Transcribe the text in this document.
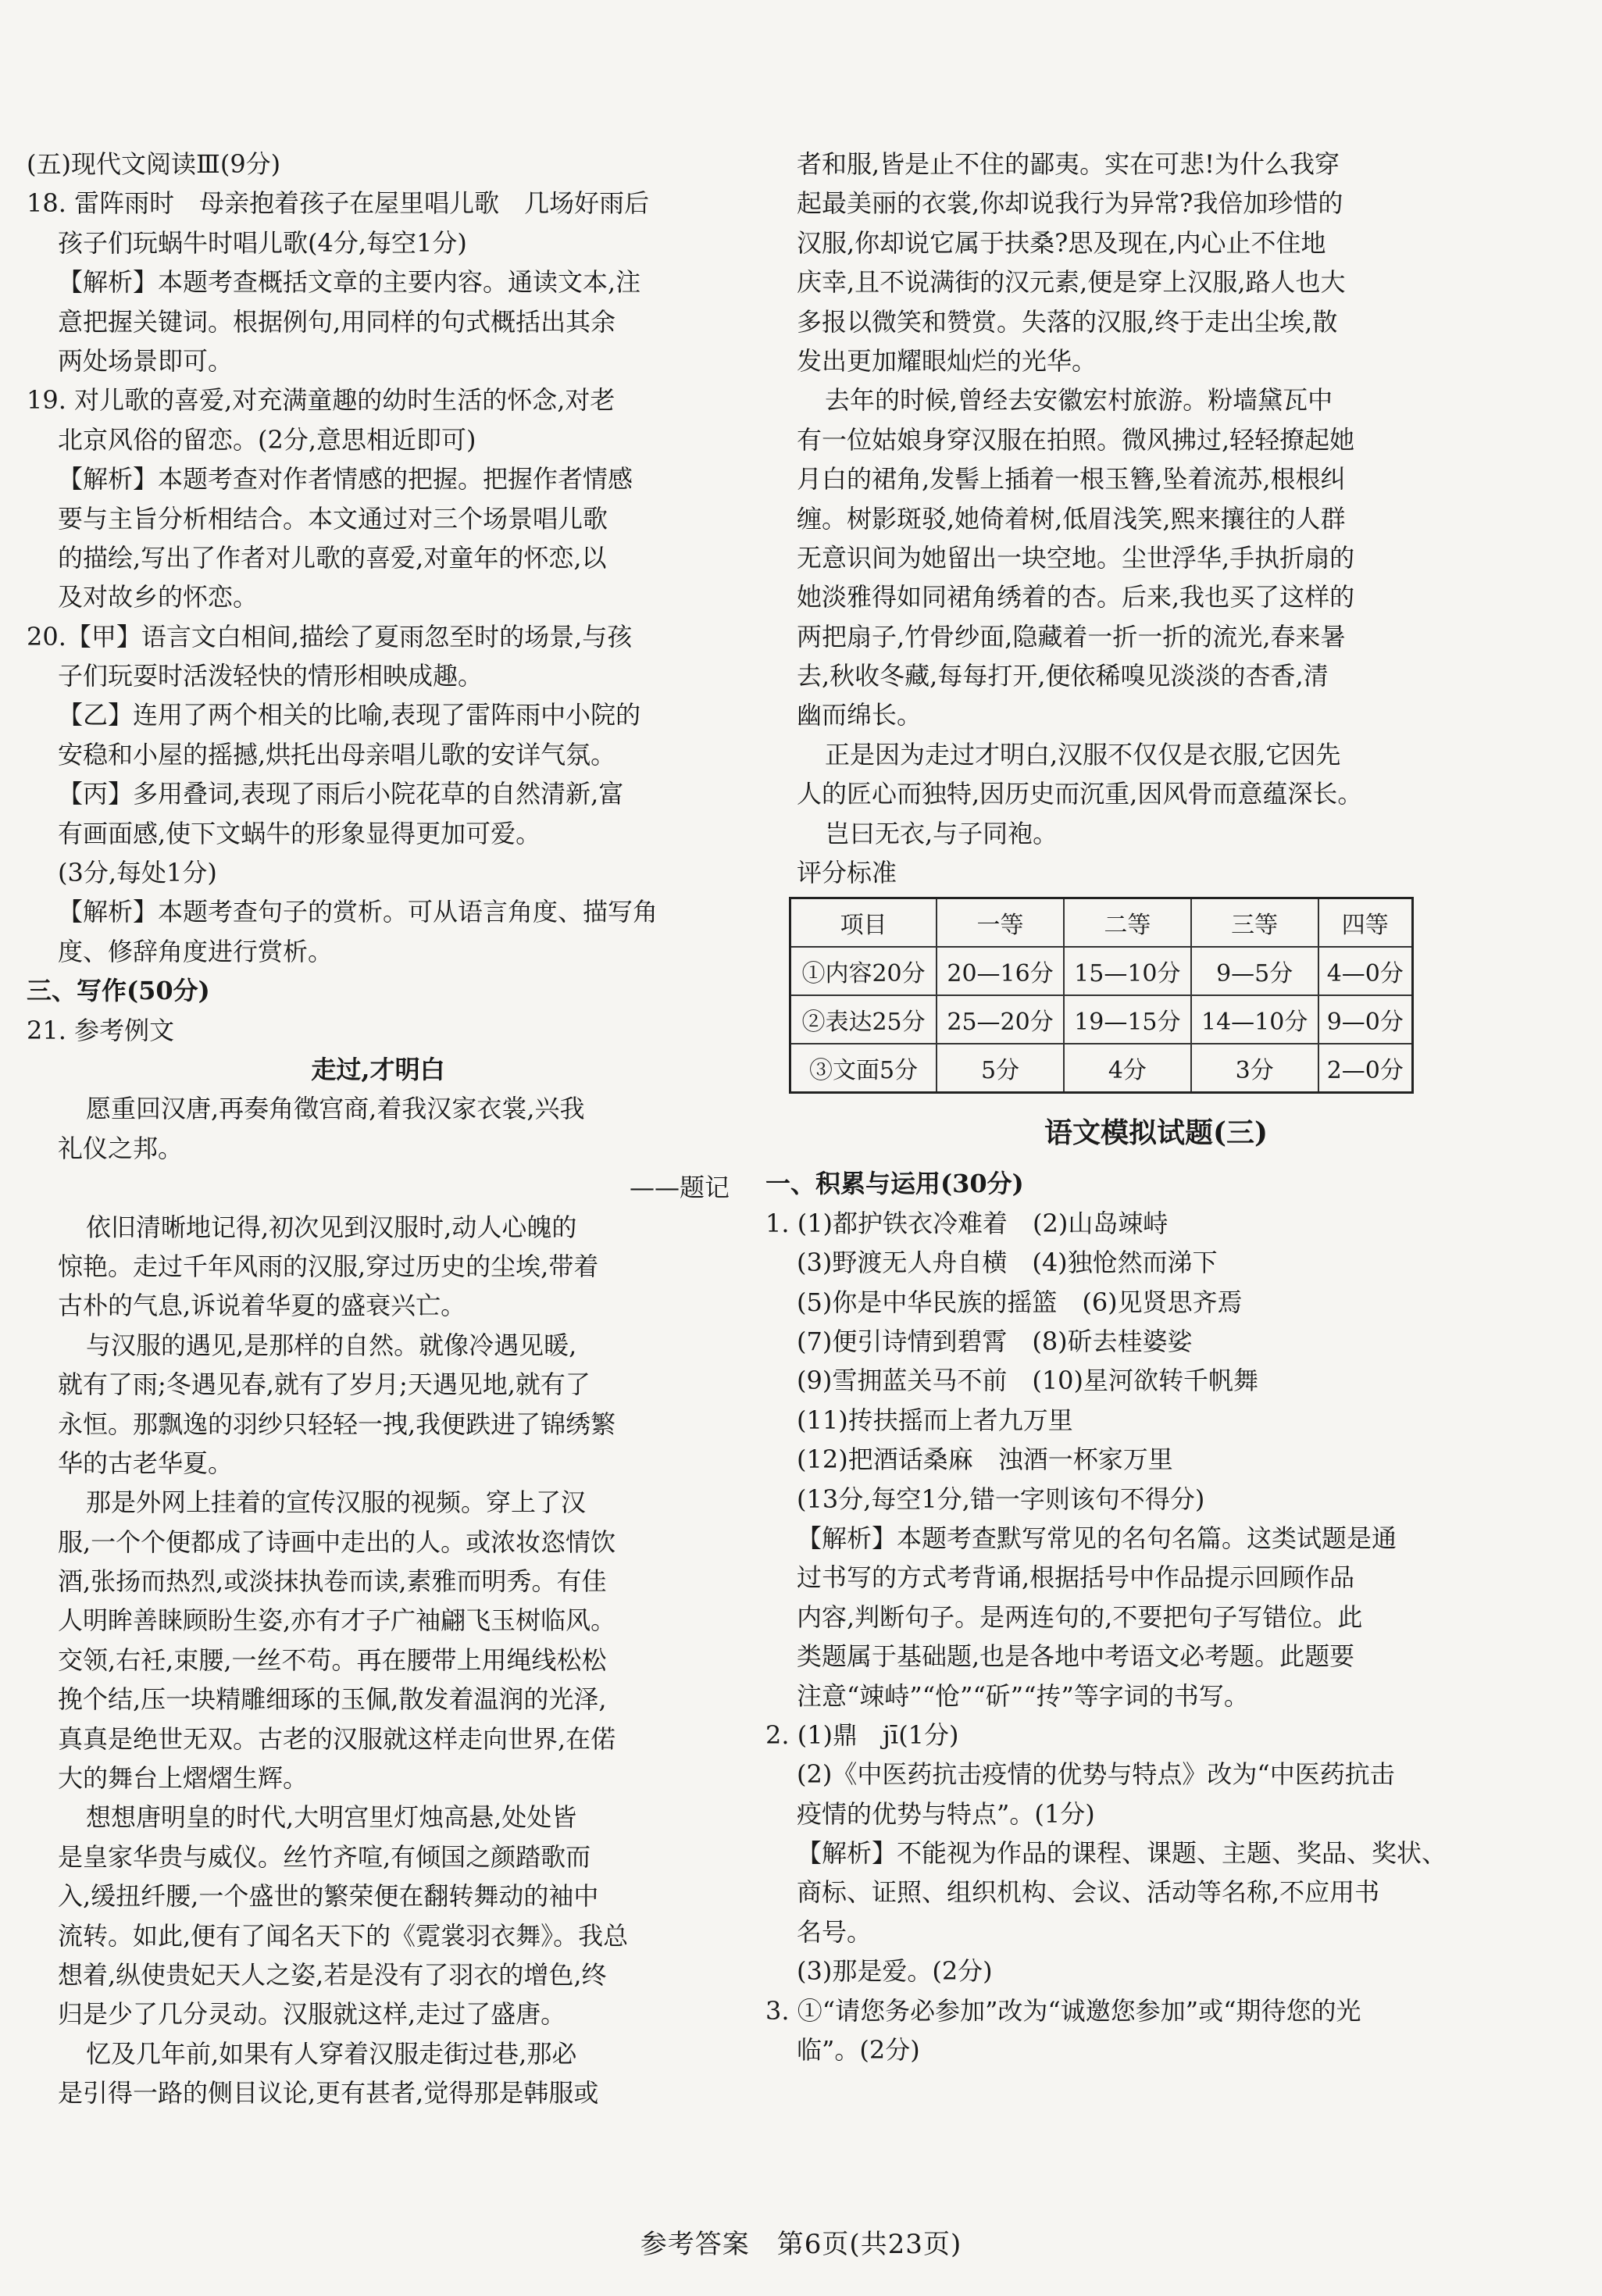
(五)现代文阅读Ⅲ(9分)
18. 雷阵雨时　母亲抱着孩子在屋里唱儿歌　几场好雨后
孩子们玩蜗牛时唱儿歌(4分,每空1分)
【解析】本题考查概括文章的主要内容。通读文本,注
意把握关键词。根据例句,用同样的句式概括出其余
两处场景即可。
19. 对儿歌的喜爱,对充满童趣的幼时生活的怀念,对老
北京风俗的留恋。(2分,意思相近即可)
【解析】本题考查对作者情感的把握。把握作者情感
要与主旨分析相结合。本文通过对三个场景唱儿歌
的描绘,写出了作者对儿歌的喜爱,对童年的怀恋,以
及对故乡的怀恋。
20.【甲】语言文白相间,描绘了夏雨忽至时的场景,与孩
子们玩耍时活泼轻快的情形相映成趣。
【乙】连用了两个相关的比喻,表现了雷阵雨中小院的
安稳和小屋的摇撼,烘托出母亲唱儿歌的安详气氛。
【丙】多用叠词,表现了雨后小院花草的自然清新,富
有画面感,使下文蜗牛的形象显得更加可爱。
(3分,每处1分)
【解析】本题考查句子的赏析。可从语言角度、描写角
度、修辞角度进行赏析。
三、写作(50分)
21. 参考例文
走过,才明白
愿重回汉唐,再奏角徵宫商,着我汉家衣裳,兴我
礼仪之邦。
——题记
依旧清晰地记得,初次见到汉服时,动人心魄的
惊艳。走过千年风雨的汉服,穿过历史的尘埃,带着
古朴的气息,诉说着华夏的盛衰兴亡。
与汉服的遇见,是那样的自然。就像冷遇见暖,
就有了雨;冬遇见春,就有了岁月;天遇见地,就有了
永恒。那飘逸的羽纱只轻轻一拽,我便跌进了锦绣繁
华的古老华夏。
那是外网上挂着的宣传汉服的视频。穿上了汉
服,一个个便都成了诗画中走出的人。或浓妆恣情饮
酒,张扬而热烈,或淡抹执卷而读,素雅而明秀。有佳
人明眸善睐顾盼生姿,亦有才子广袖翩飞玉树临风。
交领,右衽,束腰,一丝不苟。再在腰带上用绳线松松
挽个结,压一块精雕细琢的玉佩,散发着温润的光泽,
真真是绝世无双。古老的汉服就这样走向世界,在偌
大的舞台上熠熠生辉。
想想唐明皇的时代,大明宫里灯烛高悬,处处皆
是皇家华贵与威仪。丝竹齐喧,有倾国之颜踏歌而
入,缓扭纤腰,一个盛世的繁荣便在翻转舞动的袖中
流转。如此,便有了闻名天下的《霓裳羽衣舞》。我总
想着,纵使贵妃天人之姿,若是没有了羽衣的增色,终
归是少了几分灵动。汉服就这样,走过了盛唐。
忆及几年前,如果有人穿着汉服走街过巷,那必
是引得一路的侧目议论,更有甚者,觉得那是韩服或
者和服,皆是止不住的鄙夷。实在可悲!为什么我穿
起最美丽的衣裳,你却说我行为异常?我倍加珍惜的
汉服,你却说它属于扶桑?思及现在,内心止不住地
庆幸,且不说满街的汉元素,便是穿上汉服,路人也大
多报以微笑和赞赏。失落的汉服,终于走出尘埃,散
发出更加耀眼灿烂的光华。
去年的时候,曾经去安徽宏村旅游。粉墙黛瓦中
有一位姑娘身穿汉服在拍照。微风拂过,轻轻撩起她
月白的裙角,发髻上插着一根玉簪,坠着流苏,根根纠
缠。树影斑驳,她倚着树,低眉浅笑,熙来攘往的人群
无意识间为她留出一块空地。尘世浮华,手执折扇的
她淡雅得如同裙角绣着的杏。后来,我也买了这样的
两把扇子,竹骨纱面,隐藏着一折一折的流光,春来暑
去,秋收冬藏,每每打开,便依稀嗅见淡淡的杏香,清
幽而绵长。
正是因为走过才明白,汉服不仅仅是衣服,它因先
人的匠心而独特,因历史而沉重,因风骨而意蕴深长。
岂曰无衣,与子同袍。
评分标准
项目	一等	二等	三等	四等
①内容20分	20—16分	15—10分	9—5分	4—0分
②表达25分	25—20分	19—15分	14—10分	9—0分
③文面5分	5分	4分	3分	2—0分
语文模拟试题(三)
一、积累与运用(30分)
1. (1)都护铁衣冷难着　(2)山岛竦峙
(3)野渡无人舟自横　(4)独怆然而涕下
(5)你是中华民族的摇篮　(6)见贤思齐焉
(7)便引诗情到碧霄　(8)斫去桂婆娑
(9)雪拥蓝关马不前　(10)星河欲转千帆舞
(11)抟扶摇而上者九万里
(12)把酒话桑麻　浊酒一杯家万里
(13分,每空1分,错一字则该句不得分)
【解析】本题考查默写常见的名句名篇。这类试题是通
过书写的方式考背诵,根据括号中作品提示回顾作品
内容,判断句子。是两连句的,不要把句子写错位。此
类题属于基础题,也是各地中考语文必考题。此题要
注意“竦峙”“怆”“斫”“抟”等字词的书写。
2. (1)鼎　jī(1分)
(2)《中医药抗击疫情的优势与特点》改为“中医药抗击
疫情的优势与特点”。(1分)
【解析】不能视为作品的课程、课题、主题、奖品、奖状、
商标、证照、组织机构、会议、活动等名称,不应用书
名号。
(3)那是爱。(2分)
3. ①“请您务必参加”改为“诚邀您参加”或“期待您的光
临”。(2分)
参考答案　第6页(共23页)
